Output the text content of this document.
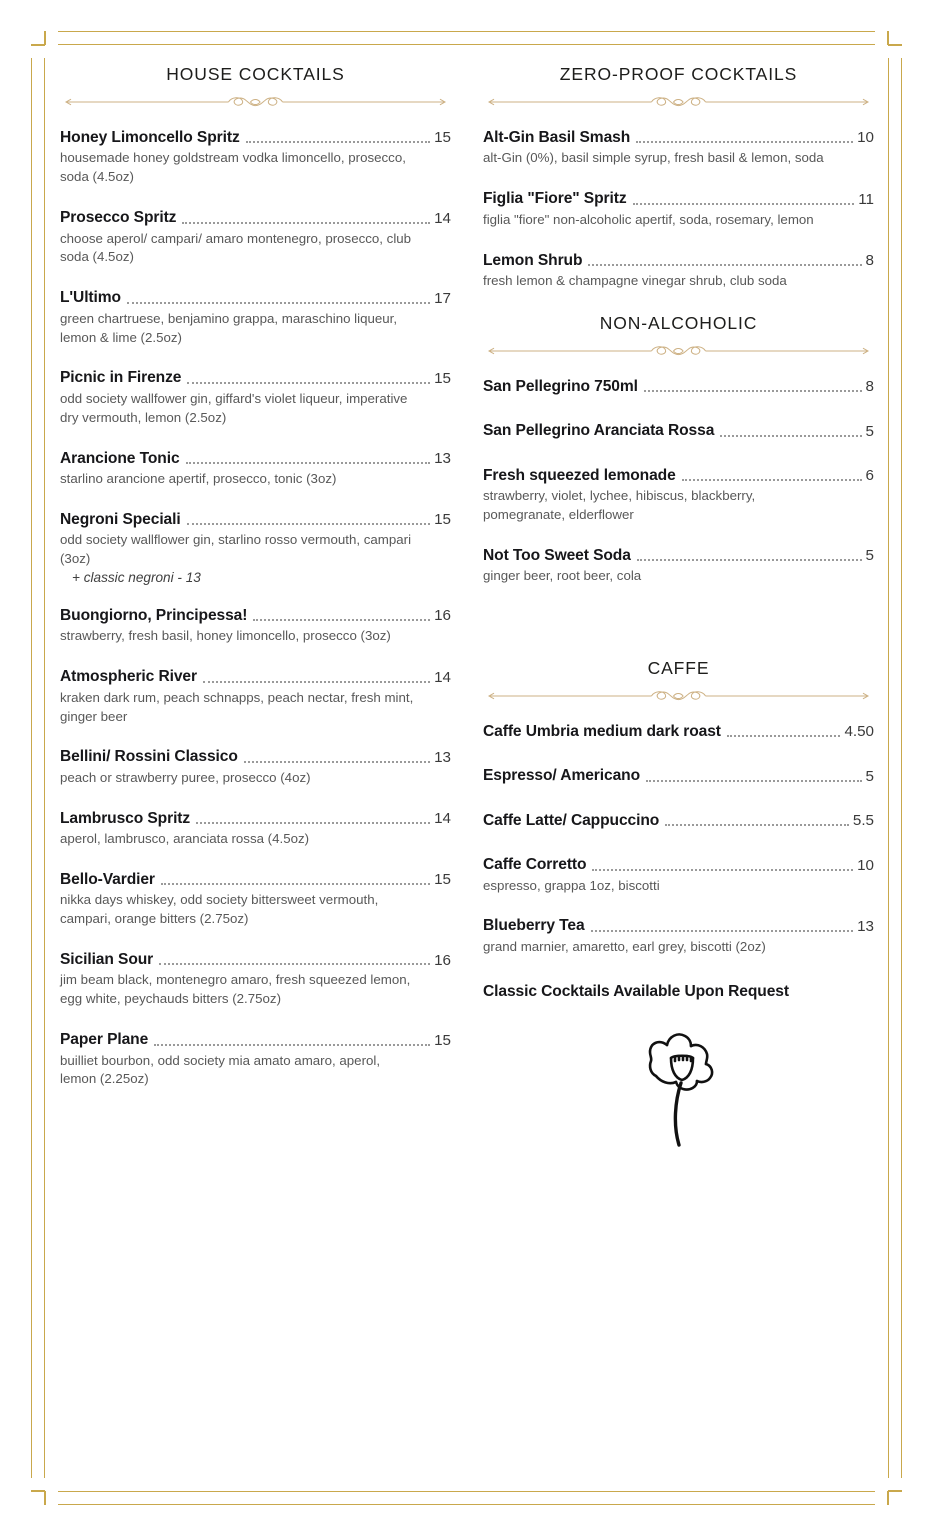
HOUSE COCKTAILS
Honey Limoncello Spritz	15
housemade honey goldstream vodka limoncello, prosecco, soda (4.5oz)
Prosecco Spritz	14
choose aperol/ campari/ amaro montenegro, prosecco, club soda (4.5oz)
L'Ultimo	17
green chartruese, benjamino grappa, maraschino liqueur, lemon & lime (2.5oz)
Picnic in Firenze	15
odd society wallfower gin, giffard's violet liqueur, imperative dry vermouth, lemon (2.5oz)
Arancione Tonic	13
starlino arancione apertif, prosecco, tonic (3oz)
Negroni Speciali	15
odd society wallflower gin, starlino rosso vermouth, campari (3oz)
+ classic negroni - 13
Buongiorno, Principessa!	16
strawberry, fresh basil, honey limoncello, prosecco (3oz)
Atmospheric River	14
kraken dark rum, peach schnapps, peach nectar, fresh mint, ginger beer
Bellini/ Rossini Classico	13
peach or strawberry puree, prosecco (4oz)
Lambrusco Spritz	14
aperol, lambrusco, aranciata rossa (4.5oz)
Bello-Vardier	15
nikka days whiskey, odd society bittersweet vermouth, campari, orange bitters (2.75oz)
Sicilian Sour	16
jim beam black, montenegro amaro, fresh squeezed lemon, egg white, peychauds bitters (2.75oz)
Paper Plane	15
builliet bourbon, odd society mia amato amaro, aperol, lemon (2.25oz)
ZERO-PROOF COCKTAILS
Alt-Gin Basil Smash	10
alt-Gin (0%), basil simple syrup, fresh basil & lemon, soda
Figlia "Fiore" Spritz	11
figlia "fiore" non-alcoholic apertif, soda, rosemary, lemon
Lemon Shrub	8
fresh lemon & champagne vinegar shrub, club soda
NON-ALCOHOLIC
San Pellegrino 750ml	8
San Pellegrino Aranciata Rossa	5
Fresh squeezed lemonade	6
strawberry, violet, lychee, hibiscus, blackberry, pomegranate, elderflower
Not Too Sweet Soda	5
ginger beer, root beer, cola
CAFFE
Caffe Umbria medium dark roast	4.50
Espresso/ Americano	5
Caffe Latte/ Cappuccino	5.5
Caffe Corretto	10
espresso, grappa 1oz, biscotti
Blueberry Tea	13
grand marnier, amaretto, earl grey, biscotti (2oz)
Classic Cocktails Available Upon Request
